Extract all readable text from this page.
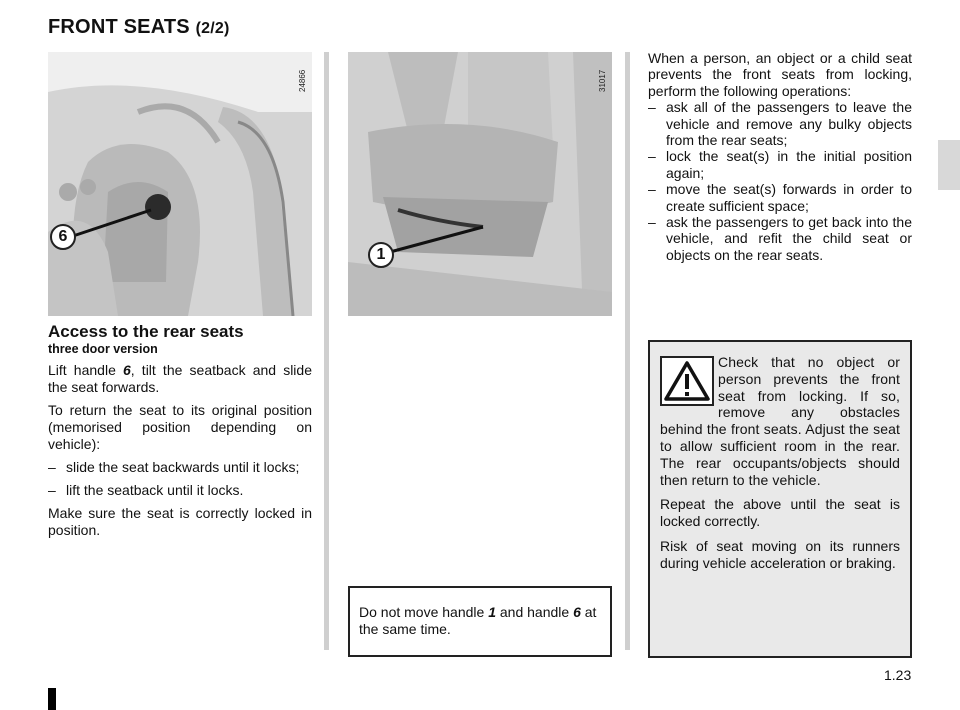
FRONT SEATS (2/2)
24866
6
31017
1
Access to the rear seats
three door version
Lift handle 6, tilt the seatback and slide the seat forwards.
To return the seat to its original position (memorised position depending on vehicle):
– slide the seat backwards until it locks;
– lift the seatback until it locks.
Make sure the seat is correctly locked in position.
Do not move handle 1 and handle 6 at the same time.
When a person, an object or a child seat prevents the front seats from locking, perform the following operations:
– ask all of the passengers to leave the vehicle and remove any bulky objects from the rear seats;
– lock the seat(s) in the initial position again;
– move the seat(s) forwards in order to create sufficient space;
– ask the passengers to get back into the vehicle, and refit the child seat or objects on the rear seats.
Check that no object or person prevents the front seat from locking. If so, remove any obstacles behind the front seats. Adjust the seat to allow sufficient room in the rear. The rear occupants/objects should then return to the vehicle.
Repeat the above until the seat is locked correctly.
Risk of seat moving on its runners during vehicle acceleration or braking.
1.23
